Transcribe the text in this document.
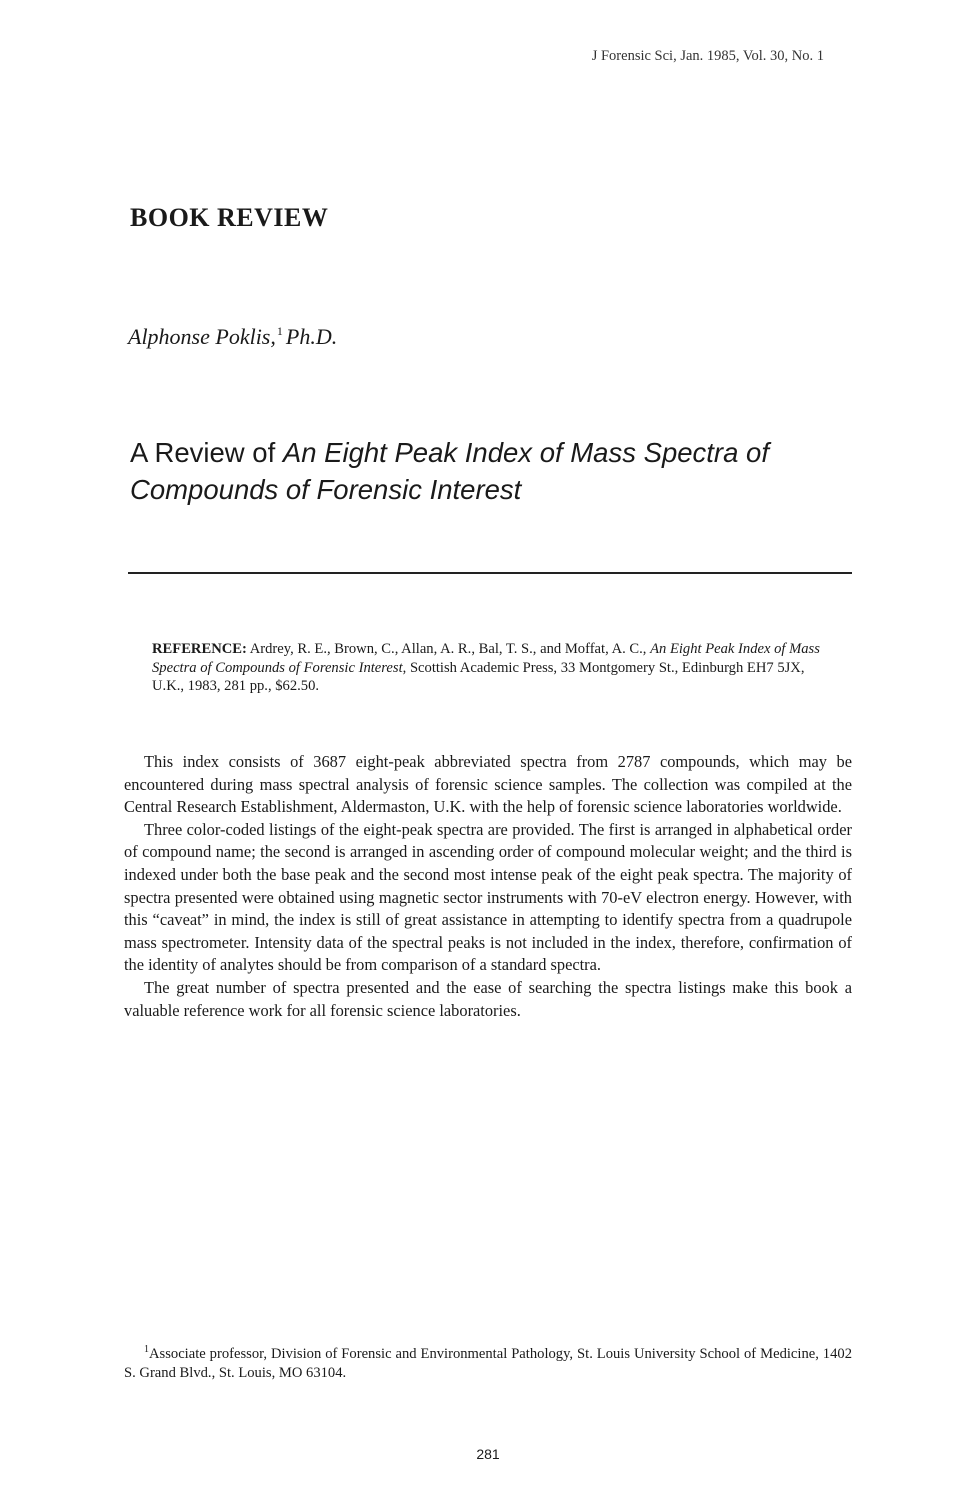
J Forensic Sci, Jan. 1985, Vol. 30, No. 1
BOOK REVIEW
Alphonse Poklis,$^1$ Ph.D.
A Review of An Eight Peak Index of Mass Spectra of Compounds of Forensic Interest

REFERENCE: Ardrey, R. E., Brown, C., Allan, A. R., Bal, T. S., and Moffat, A. C., An Eight Peak Index of Mass Spectra of Compounds of Forensic Interest, Scottish Academic Press, 33 Montgomery St., Edinburgh EH7 5JX, U.K., 1983, 281 pp., $62.50.

This index consists of 3687 eight-peak abbreviated spectra from 2787 compounds, which may be encountered during mass spectral analysis of forensic science samples. The collection was compiled at the Central Research Establishment, Aldermaston, U.K. with the help of forensic science laboratories worldwide.

Three color-coded listings of the eight-peak spectra are provided. The first is arranged in alphabetical order of compound name; the second is arranged in ascending order of compound molecular weight; and the third is indexed under both the base peak and the second most intense peak of the eight peak spectra. The majority of spectra presented were obtained using magnetic sector instruments with 70-eV electron energy. However, with this “caveat” in mind, the index is still of great assistance in attempting to identify spectra from a quadrupole mass spectrometer. Intensity data of the spectral peaks is not included in the index, therefore, confirmation of the identity of analytes should be from comparison of a standard spectra.

The great number of spectra presented and the ease of searching the spectra listings make this book a valuable reference work for all forensic science laboratories.

$^1$Associate professor, Division of Forensic and Environmental Pathology, St. Louis University School of Medicine, 1402 S. Grand Blvd., St. Louis, MO 63104.

281
